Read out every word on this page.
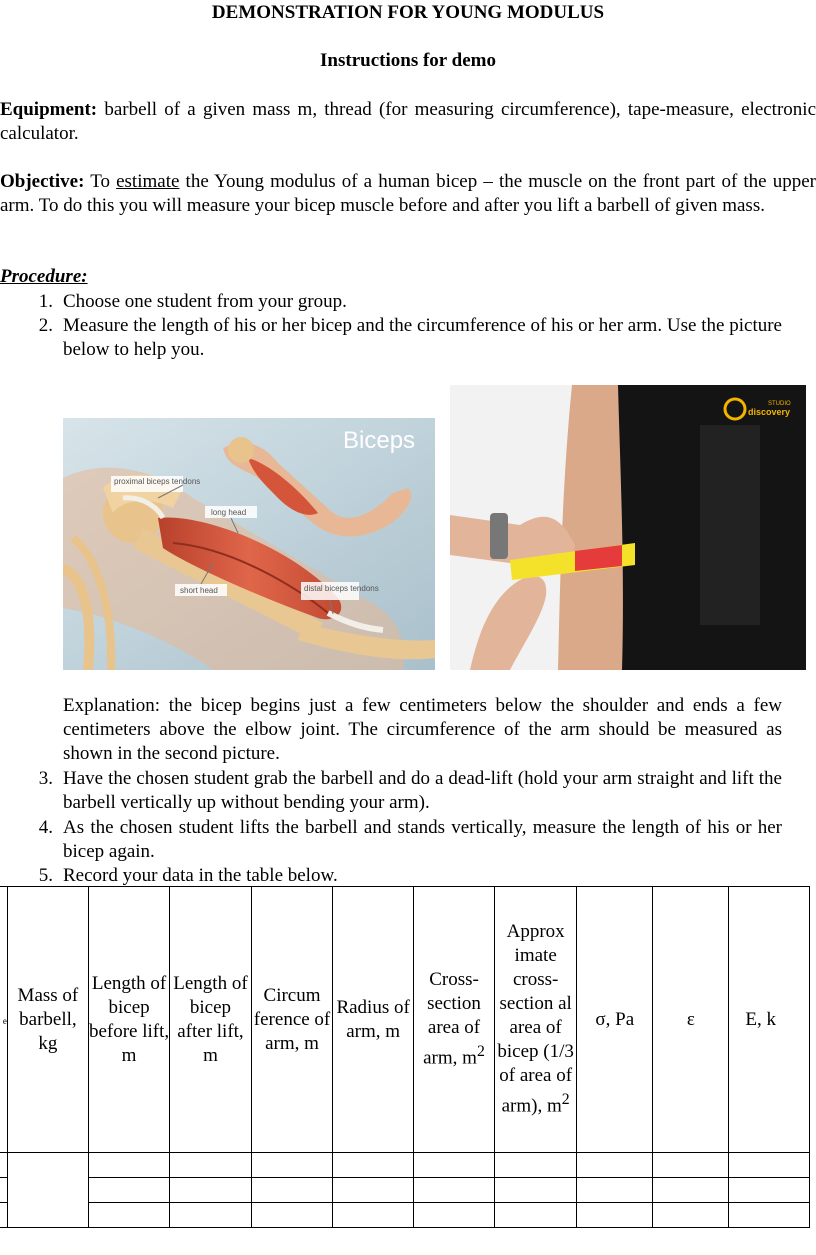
DEMONSTRATION FOR YOUNG MODULUS
Instructions for demo
Equipment: barbell of a given mass m, thread (for measuring circumference), tape-measure, electronic calculator.
Objective: To estimate the Young modulus of a human bicep – the muscle on the front part of the upper arm. To do this you will measure your bicep muscle before and after you lift a barbell of given mass.
Procedure:
1. Choose one student from your group.
2. Measure the length of his or her bicep and the circumference of his or her arm. Use the picture below to help you.
Biceps
proximal biceps tendons
long head
short head	distal biceps tendons
STUDIO
discovery
Explanation: the bicep begins just a few centimeters below the shoulder and ends a few centimeters above the elbow joint. The circumference of the arm should be measured as shown in the second picture.
3. Have the chosen student grab the barbell and do a dead-lift (hold your arm straight and lift the barbell vertically up without bending your arm).
4. As the chosen student lifts the barbell and stands vertically, measure the length of his or her bicep again.
5. Record your data in the table below.
e	Mass of barbell, kg	Length of bicep before lift, m	Length of bicep after lift, m	Circum ference of arm, m	Radius of arm, m	Cross- section area of arm, $m^2$	Approx imate cross- section al area of bicep (1/3 of area of arm), $m^2$	σ, Pa	ε	E, k
